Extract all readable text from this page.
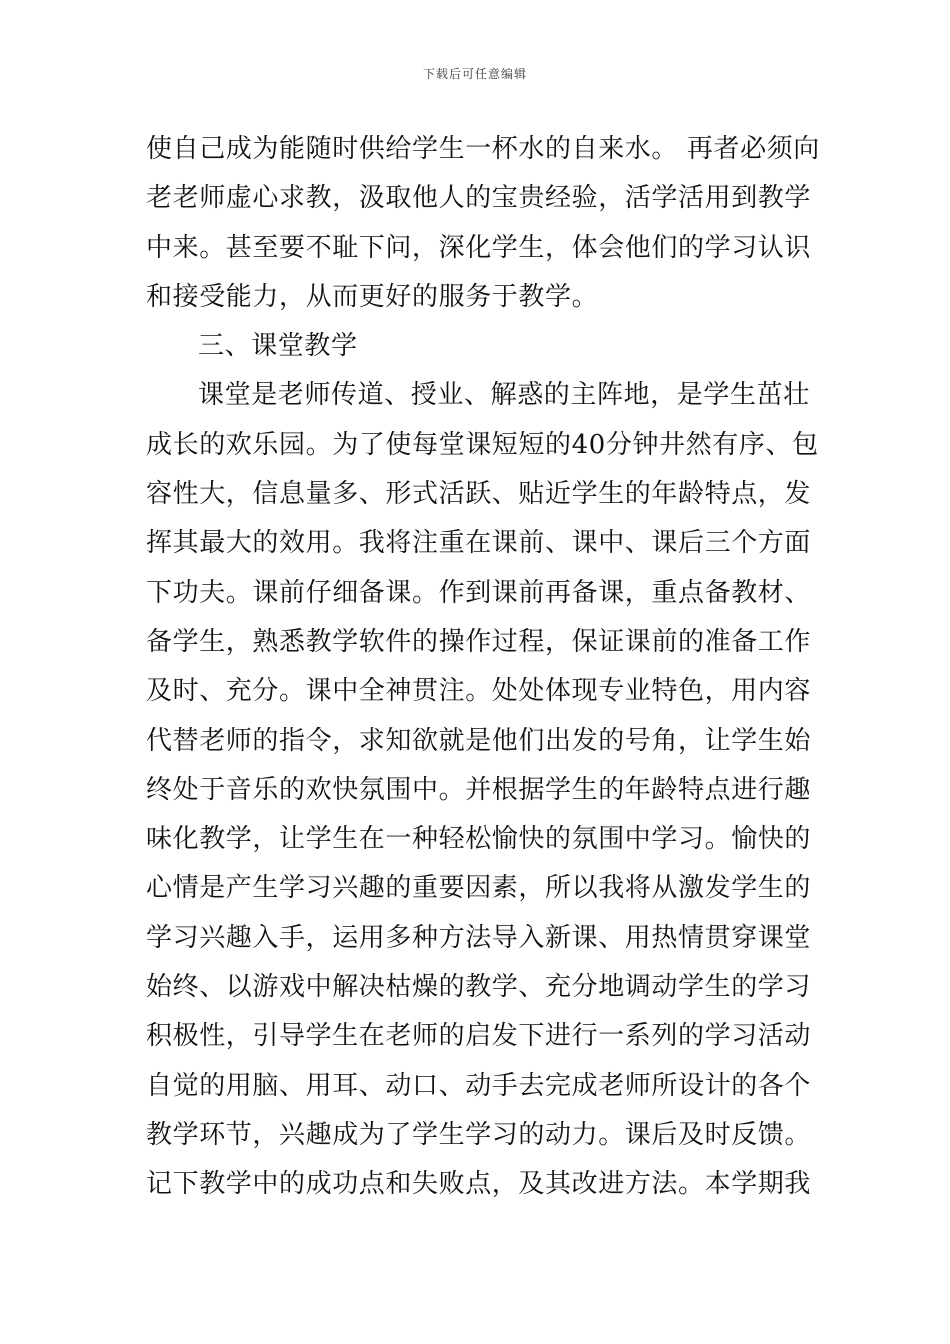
下载后可任意编辑
使自己成为能随时供给学生一杯水的自来水。 再者必须向
老老师虚心求教，汲取他人的宝贵经验，活学活用到教学
中来。甚至要不耻下问，深化学生，体会他们的学习认识
和接受能力，从而更好的服务于教学。
三、课堂教学
课堂是老师传道、授业、解惑的主阵地，是学生茁壮
成长的欢乐园。为了使每堂课短短的40分钟井然有序、包
容性大，信息量多、形式活跃、贴近学生的年龄特点，发
挥其最大的效用。我将注重在课前、课中、课后三个方面
下功夫。课前仔细备课。作到课前再备课，重点备教材、
备学生，熟悉教学软件的操作过程，保证课前的准备工作
及时、充分。课中全神贯注。处处体现专业特色，用内容
代替老师的指令，求知欲就是他们出发的号角，让学生始
终处于音乐的欢快氛围中。并根据学生的年龄特点进行趣
味化教学，让学生在一种轻松愉快的氛围中学习。愉快的
心情是产生学习兴趣的重要因素，所以我将从激发学生的
学习兴趣入手，运用多种方法导入新课、用热情贯穿课堂
始终、以游戏中解决枯燥的教学、充分地调动学生的学习
积极性，引导学生在老师的启发下进行一系列的学习活动
自觉的用脑、用耳、动口、动手去完成老师所设计的各个
教学环节，兴趣成为了学生学习的动力。课后及时反馈。
记下教学中的成功点和失败点，及其改进方法。本学期我
